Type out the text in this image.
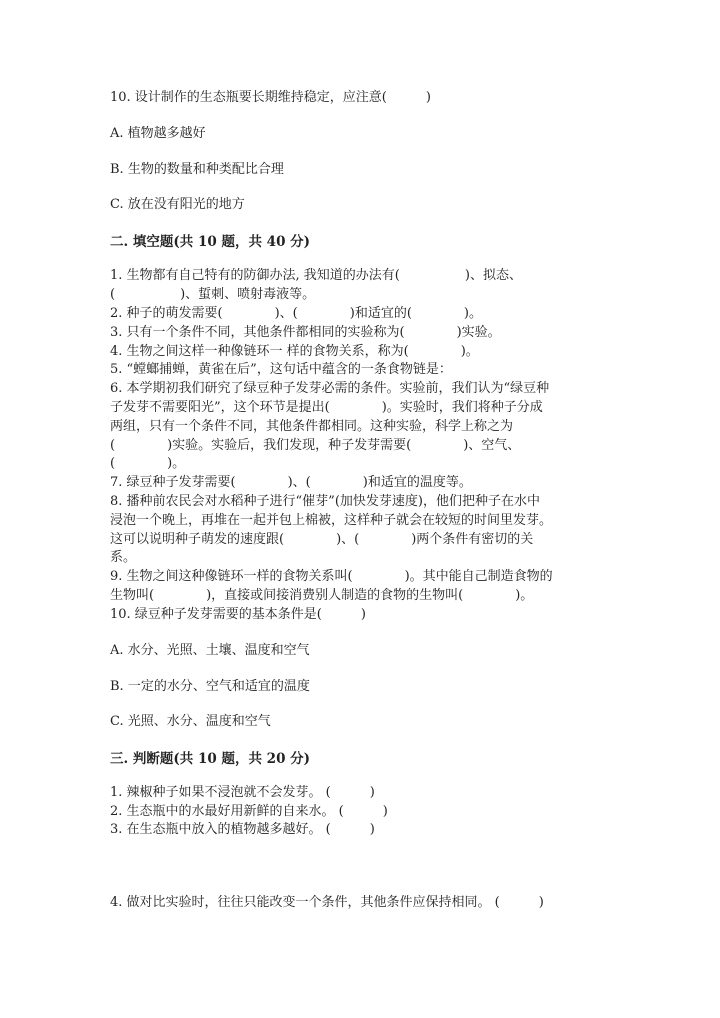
10. 设计制作的生态瓶要长期维持稳定，应注意(　　　)
A. 植物越多越好
B. 生物的数量和种类配比合理
C. 放在没有阳光的地方
二. 填空题(共 10 题，共 40 分)
1. 生物都有自己特有的防御办法, 我知道的办法有(　　　　　)、拟态、
(　　　　　)、蜇刺、喷射毒液等。
2. 种子的萌发需要(　　　　)、(　　　　)和适宜的(　　　　)。
3. 只有一个条件不同，其他条件都相同的实验称为(　　　　)实验。
4. 生物之间这样一种像链环一 样的食物关系，称为(　　　　)。
5. “螳螂捕蝉，黄雀在后”，这句话中蕴含的一条食物链是：
6. 本学期初我们研究了绿豆种子发芽必需的条件。实验前，我们认为“绿豆种
子发芽不需要阳光”，这个环节是提出(　　　　)。实验时，我们将种子分成
两组，只有一个条件不同，其他条件都相同。这种实验，科学上称之为
(　　　　)实验。实验后，我们发现，种子发芽需要(　　　　)、空气、
(　　　　)。
7. 绿豆种子发芽需要(　　　　)、(　　　　)和适宜的温度等。
8. 播种前农民会对水稻种子进行“催芽”(加快发芽速度)，他们把种子在水中
浸泡一个晚上，再堆在一起并包上棉被，这样种子就会在较短的时间里发芽。
这可以说明种子萌发的速度跟(　　　　)、(　　　　)两个条件有密切的关
系。
9. 生物之间这种像链环一样的食物关系叫(　　　　)。其中能自己制造食物的
生物叫(　　　　)，直接或间接消费别人制造的食物的生物叫(　　　　)。
10. 绿豆种子发芽需要的基本条件是(　　　)
A. 水分、光照、土壤、温度和空气
B. 一定的水分、空气和适宜的温度
C. 光照、水分、温度和空气
三. 判断题(共 10 题，共 20 分)
1. 辣椒种子如果不浸泡就不会发芽。 (　　　)
2. 生态瓶中的水最好用新鲜的自来水。 (　　　)
3. 在生态瓶中放入的植物越多越好。 (　　　)
4. 做对比实验时，往往只能改变一个条件，其他条件应保持相同。 (　　　)
